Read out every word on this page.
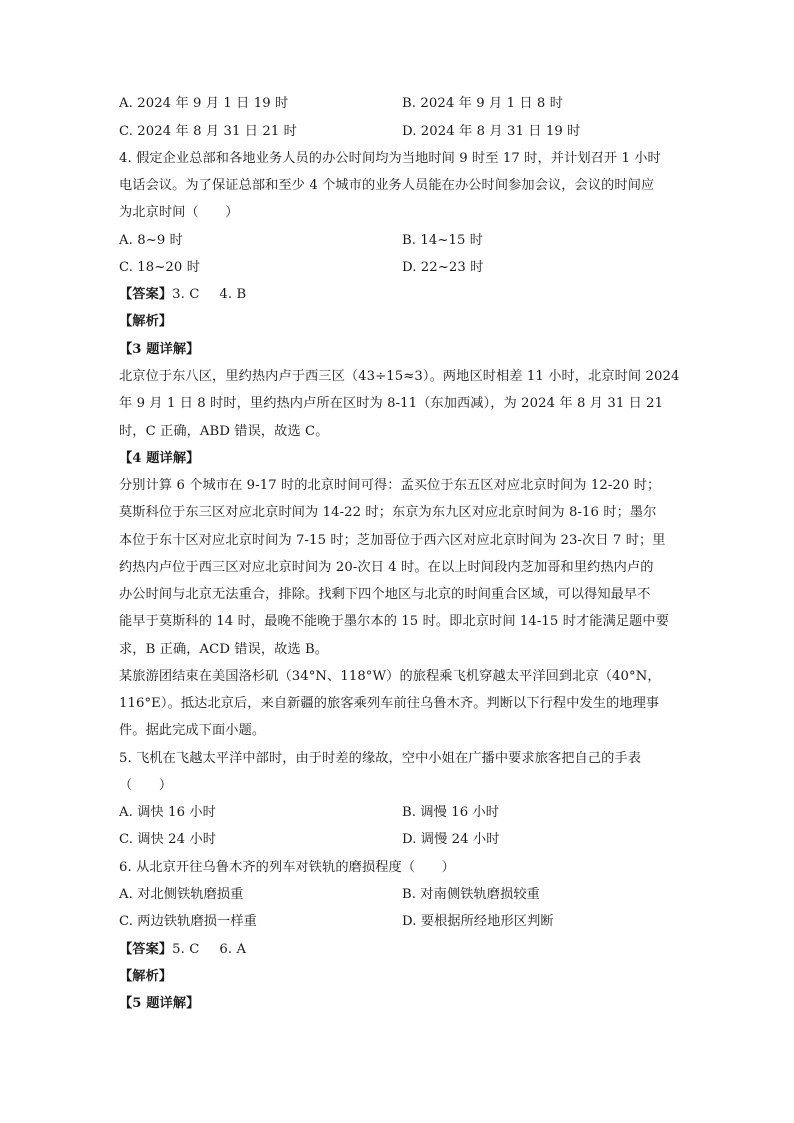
A. 2024 年 9 月 1 日 19 时	B. 2024 年 9 月 1 日 8 时
C. 2024 年 8 月 31 日 21 时	D. 2024 年 8 月 31 日 19 时
4. 假定企业总部和各地业务人员的办公时间均为当地时间 9 时至 17 时，并计划召开 1 小时
电话会议。为了保证总部和至少 4 个城市的业务人员能在办公时间参加会议，会议的时间应
为北京时间（　　）
A. 8~9 时	B. 14~15 时
C. 18~20 时	D. 22~23 时
【答案】3. C 4. B
【解析】
【3 题详解】
北京位于东八区，里约热内卢于西三区（43÷15≈3）。两地区时相差 11 小时，北京时间 2024
年 9 月 1 日 8 时时，里约热内卢所在区时为 8-11（东加西减），为 2024 年 8 月 31 日 21
时，C 正确，ABD 错误，故选 C。
【4 题详解】
分别计算 6 个城市在 9-17 时的北京时间可得：孟买位于东五区对应北京时间为 12-20 时；
莫斯科位于东三区对应北京时间为 14-22 时；东京为东九区对应北京时间为 8-16 时；墨尔
本位于东十区对应北京时间为 7-15 时；芝加哥位于西六区对应北京时间为 23-次日 7 时；里
约热内卢位于西三区对应北京时间为 20-次日 4 时。在以上时间段内芝加哥和里约热内卢的
办公时间与北京无法重合，排除。找剩下四个地区与北京的时间重合区域，可以得知最早不
能早于莫斯科的 14 时，最晚不能晚于墨尔本的 15 时。即北京时间 14-15 时才能满足题中要
求，B 正确，ACD 错误，故选 B。
某旅游团结束在美国洛杉矶（34°N、118°W）的旅程乘飞机穿越太平洋回到北京（40°N，
116°E）。抵达北京后，来自新疆的旅客乘列车前往乌鲁木齐。判断以下行程中发生的地理事
件。据此完成下面小题。
5. 飞机在飞越太平洋中部时，由于时差的缘故，空中小姐在广播中要求旅客把自己的手表
（　　）
A. 调快 16 小时	B. 调慢 16 小时
C. 调快 24 小时	D. 调慢 24 小时
6. 从北京开往乌鲁木齐的列车对铁轨的磨损程度（　　）
A. 对北侧铁轨磨损重	B. 对南侧铁轨磨损较重
C. 两边铁轨磨损一样重	D. 要根据所经地形区判断
【答案】5. C 6. A
【解析】
【5 题详解】
